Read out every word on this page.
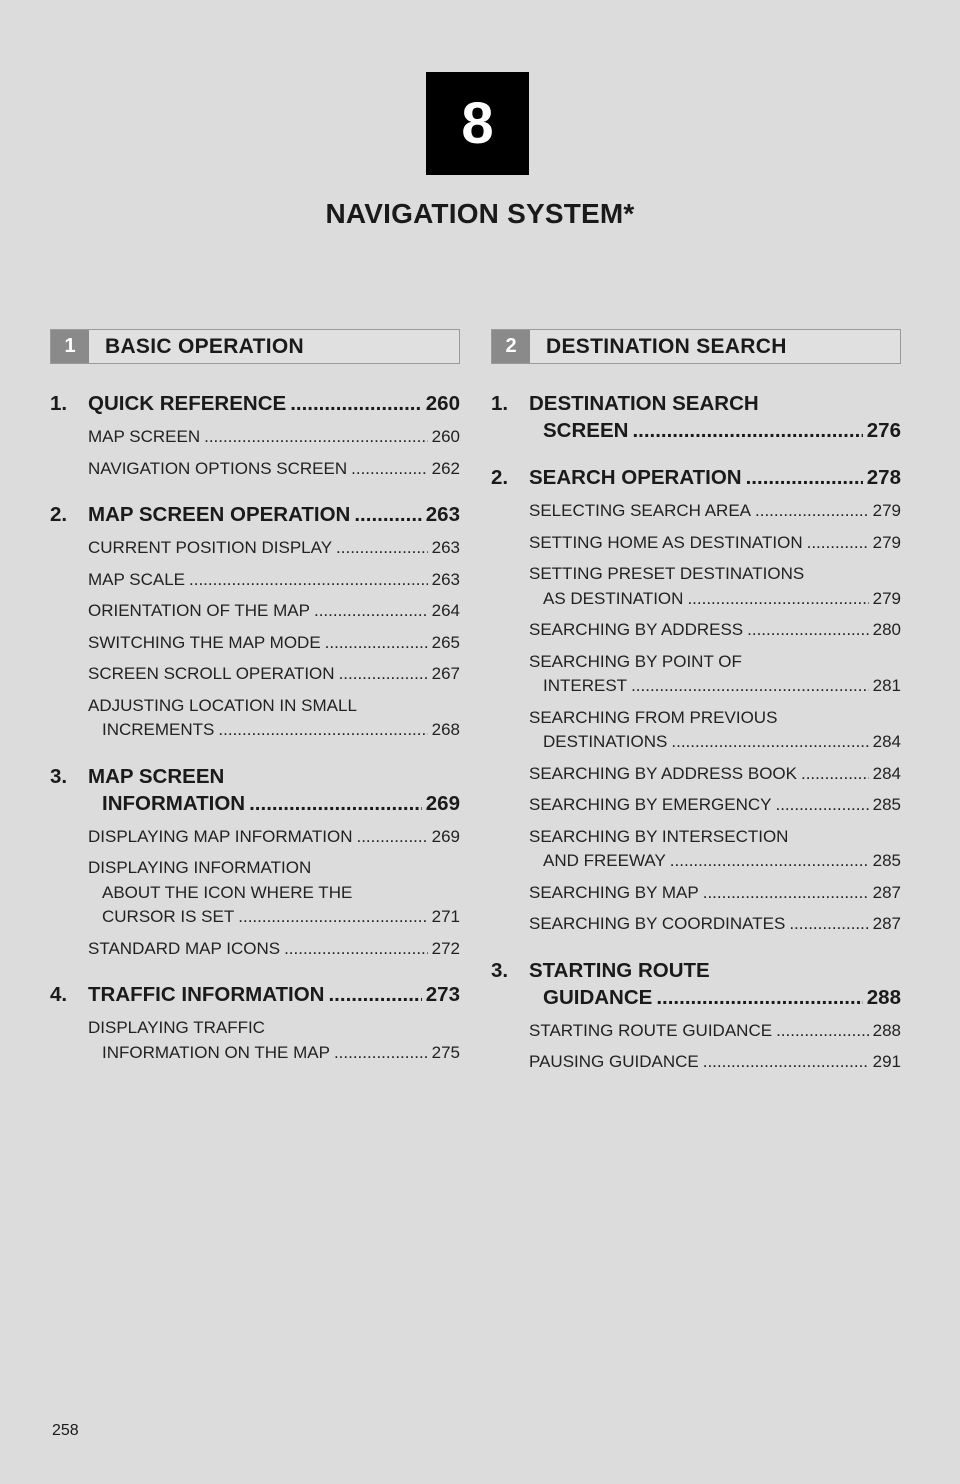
8
NAVIGATION SYSTEM*
1	BASIC OPERATION
1. QUICK REFERENCE .....	260
MAP SCREEN .....	260
NAVIGATION OPTIONS SCREEN .....	262
2. MAP SCREEN OPERATION .....	263
CURRENT POSITION DISPLAY .....	263
MAP SCALE .....	263
ORIENTATION OF THE MAP .....	264
SWITCHING THE MAP MODE .....	265
SCREEN SCROLL OPERATION .....	267
ADJUSTING LOCATION IN SMALL
INCREMENTS .....	268
3. MAP SCREEN
INFORMATION .....	269
DISPLAYING MAP INFORMATION .....	269
DISPLAYING INFORMATION
ABOUT THE ICON WHERE THE
CURSOR IS SET .....	271
STANDARD MAP ICONS .....	272
4. TRAFFIC INFORMATION .....	273
DISPLAYING TRAFFIC
INFORMATION ON THE MAP .....	275
2	DESTINATION SEARCH
1. DESTINATION SEARCH
SCREEN .....	276
2. SEARCH OPERATION .....	278
SELECTING SEARCH AREA .....	279
SETTING HOME AS DESTINATION .....	279
SETTING PRESET DESTINATIONS
AS DESTINATION .....	279
SEARCHING BY ADDRESS .....	280
SEARCHING BY POINT OF
INTEREST .....	281
SEARCHING FROM PREVIOUS
DESTINATIONS .....	284
SEARCHING BY ADDRESS BOOK .....	284
SEARCHING BY EMERGENCY .....	285
SEARCHING BY INTERSECTION
AND FREEWAY .....	285
SEARCHING BY MAP .....	287
SEARCHING BY COORDINATES .....	287
3. STARTING ROUTE
GUIDANCE .....	288
STARTING ROUTE GUIDANCE .....	288
PAUSING GUIDANCE .....	291
258
